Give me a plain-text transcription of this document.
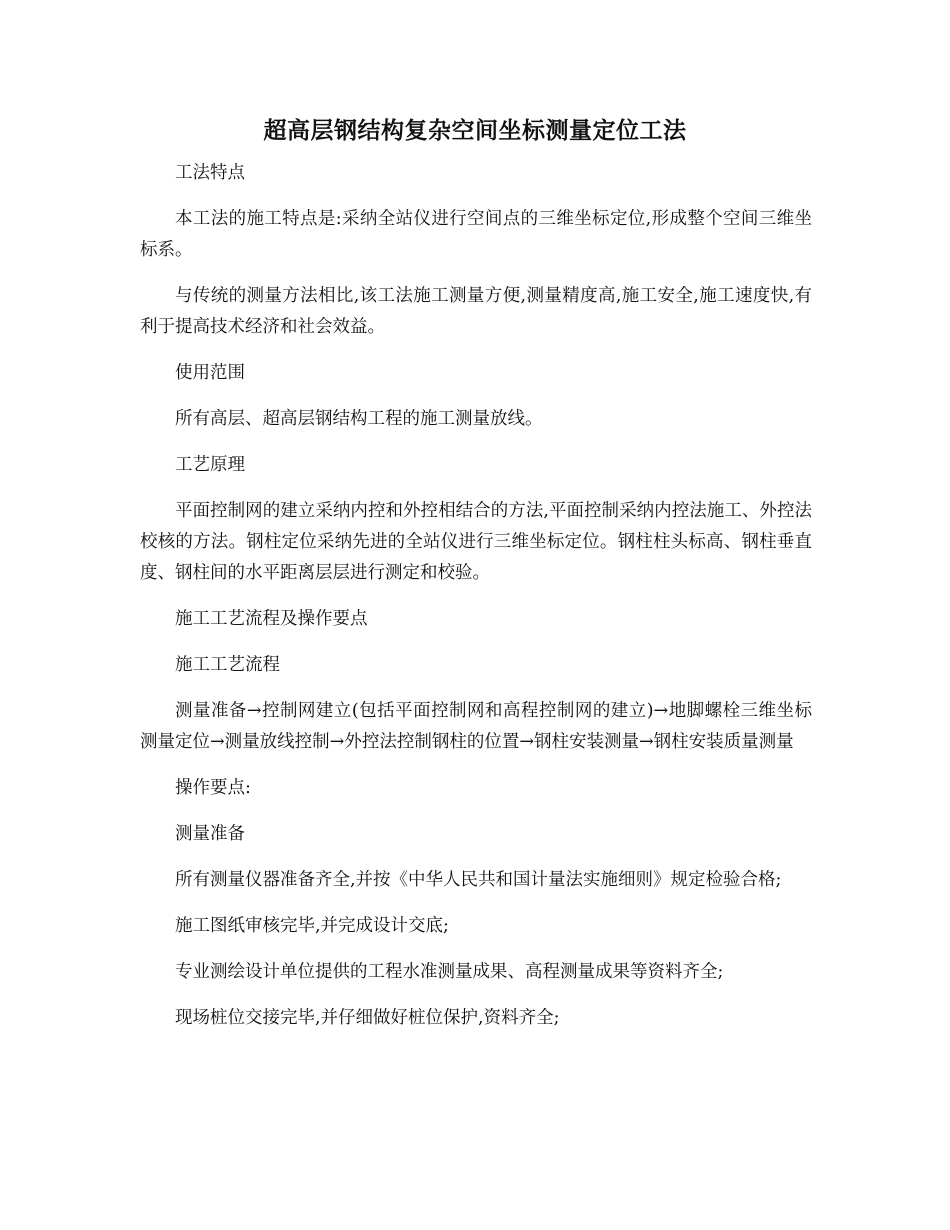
超高层钢结构复杂空间坐标测量定位工法

工法特点

本工法的施工特点是:采纳全站仪进行空间点的三维坐标定位,形成整个空间三维坐标系。

与传统的测量方法相比,该工法施工测量方便,测量精度高,施工安全,施工速度快,有利于提高技术经济和社会效益。

使用范围

所有高层、超高层钢结构工程的施工测量放线。

工艺原理

平面控制网的建立采纳内控和外控相结合的方法,平面控制采纳内控法施工、外控法校核的方法。钢柱定位采纳先进的全站仪进行三维坐标定位。钢柱柱头标高、钢柱垂直度、钢柱间的水平距离层层进行测定和校验。

施工工艺流程及操作要点

施工工艺流程

测量准备→控制网建立(包括平面控制网和高程控制网的建立)→地脚螺栓三维坐标测量定位→测量放线控制→外控法控制钢柱的位置→钢柱安装测量→钢柱安装质量测量

操作要点:

测量准备

所有测量仪器准备齐全,并按《中华人民共和国计量法实施细则》规定检验合格;

施工图纸审核完毕,并完成设计交底;

专业测绘设计单位提供的工程水准测量成果、高程测量成果等资料齐全;

现场桩位交接完毕,并仔细做好桩位保护,资料齐全;
